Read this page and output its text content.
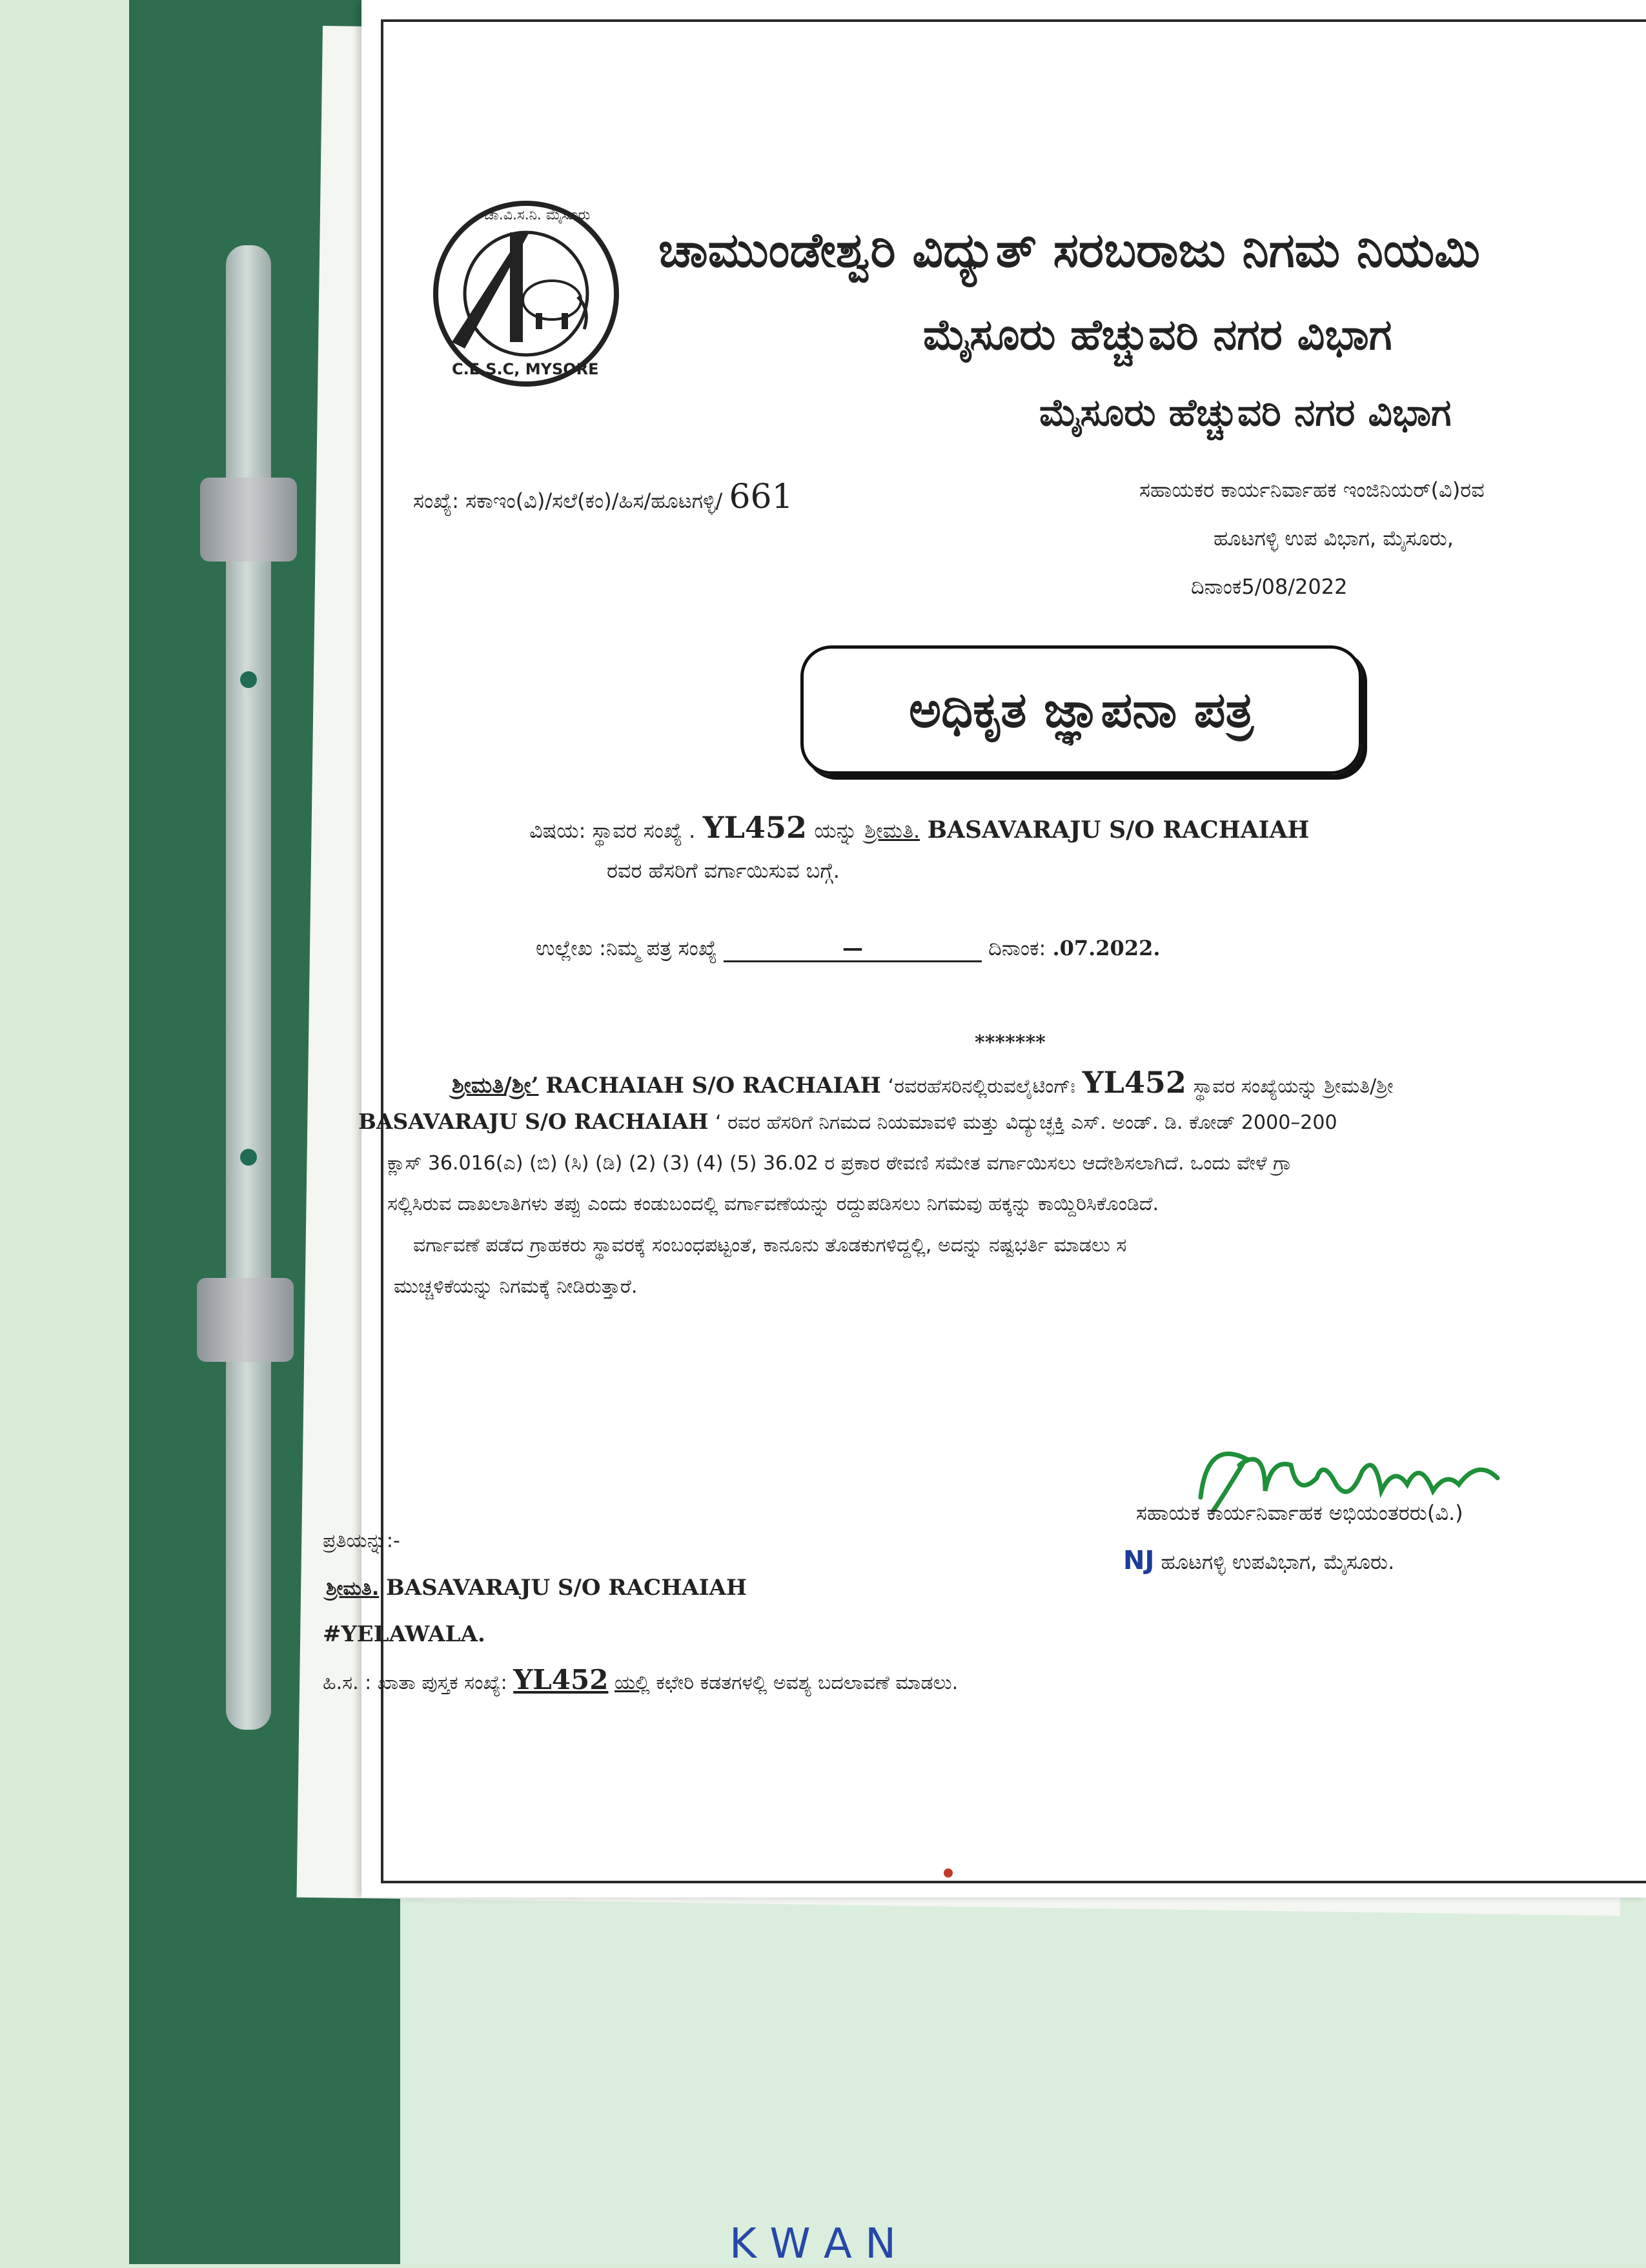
ಚಾ.ವಿ.ಸ.ನಿ. ಮೈಸೂರು
C.E.S.C, MYSORE
ಚಾಮುಂಡೇಶ್ವರಿ ವಿದ್ಯುತ್ ಸರಬರಾಜು ನಿಗಮ ನಿಯಮಿ
ಮೈಸೂರು ಹೆಚ್ಚುವರಿ ನಗರ ವಿಭಾಗ
ಮೈಸೂರು ಹೆಚ್ಚುವರಿ ನಗರ ವಿಭಾಗ
ಸಂಖ್ಯೆ: ಸಕಾಇಂ(ವಿ)/ಸಲೆ(ಕಂ)/ಹಿಸ/ಹೂಟಗಳ್ಳಿ/ 661	ಸಹಾಯಕರ ಕಾರ್ಯನಿರ್ವಾಹಕ ಇಂಜಿನಿಯರ್(ವಿ)ರವ
ಹೂಟಗಳ್ಳಿ ಉಪ ವಿಭಾಗ, ಮೈಸೂರು,
ದಿನಾಂಕ5/08/2022
ಅಧಿಕೃತ ಜ್ಞಾಪನಾ ಪತ್ರ
ವಿಷಯ: ಸ್ಥಾವರ ಸಂಖ್ಯೆ . YL452 ಯನ್ನು ಶ್ರೀಮತಿ. BASAVARAJU S/O RACHAIAH
ರವರ ಹೆಸರಿಗೆ ವರ್ಗಾಯಿಸುವ ಬಗ್ಗೆ.
ಉಲ್ಲೇಖ :ನಿಮ್ಮ ಪತ್ರ ಸಂಖ್ಯೆ	—	ದಿನಾಂಕ: .07.2022.
*******
ಶ್ರೀಮತಿ/ಶ್ರೀ’ RACHAIAH S/O RACHAIAH ‘ರವರಹೆಸರಿನಲ್ಲಿರುವಲೈಟಿಂಗ್ಃ YL452 ಸ್ಥಾವರ ಸಂಖ್ಯೆಯನ್ನು ಶ್ರೀಮತಿ/ಶ್ರೀ
BASAVARAJU S/O RACHAIAH ‘ ರವರ ಹೆಸರಿಗೆ ನಿಗಮದ ನಿಯಮಾವಳಿ ಮತ್ತು ವಿದ್ಯುಚ್ಛಕ್ತಿ ಎಸ್. ಅಂಡ್. ಡಿ. ಕೋಡ್ 2000–200
ಕ್ಲಾಸ್ 36.016(ಎ) (ಬಿ) (ಸಿ) (ಡಿ) (2) (3) (4) (5) 36.02 ರ ಪ್ರಕಾರ ಠೇವಣಿ ಸಮೇತ ವರ್ಗಾಯಿಸಲು ಆದೇಶಿಸಲಾಗಿದೆ. ಒಂದು ವೇಳೆ ಗ್ರಾ
ಸಲ್ಲಿಸಿರುವ ದಾಖಲಾತಿಗಳು ತಪ್ಪು ಎಂದು ಕಂಡುಬಂದಲ್ಲಿ ವರ್ಗಾವಣೆಯನ್ನು ರದ್ದುಪಡಿಸಲು ನಿಗಮವು ಹಕ್ಕನ್ನು ಕಾಯ್ದಿರಿಸಿಕೊಂಡಿದೆ.
ವರ್ಗಾವಣೆ ಪಡೆದ ಗ್ರಾಹಕರು ಸ್ಥಾವರಕ್ಕೆ ಸಂಬಂಧಪಟ್ಟಂತೆ, ಕಾನೂನು ತೊಡಕುಗಳಿದ್ದಲ್ಲಿ, ಅದನ್ನು ನಷ್ಟಭರ್ತಿ ಮಾಡಲು ಸ
ಮುಚ್ಚಳಿಕೆಯನ್ನು ನಿಗಮಕ್ಕೆ ನೀಡಿರುತ್ತಾರೆ.
ಸಹಾಯಕ ಕಾರ್ಯನಿರ್ವಾಹಕ ಅಭಿಯಂತರರು(ವಿ.)
NJ ಹೂಟಗಳ್ಳಿ ಉಪವಿಭಾಗ, ಮೈಸೂರು.
ಪ್ರತಿಯನ್ನು:-
ಶ್ರೀಮತಿ. BASAVARAJU S/O RACHAIAH
#YELAWALA.
ಹಿ.ಸ. : ಖಾತಾ ಪುಸ್ತಕ ಸಂಖ್ಯೆ: YL452 ಯಲ್ಲಿ ಕಛೇರಿ ಕಡತಗಳಲ್ಲಿ ಅವಶ್ಯ ಬದಲಾವಣೆ ಮಾಡಲು.
K W A N
